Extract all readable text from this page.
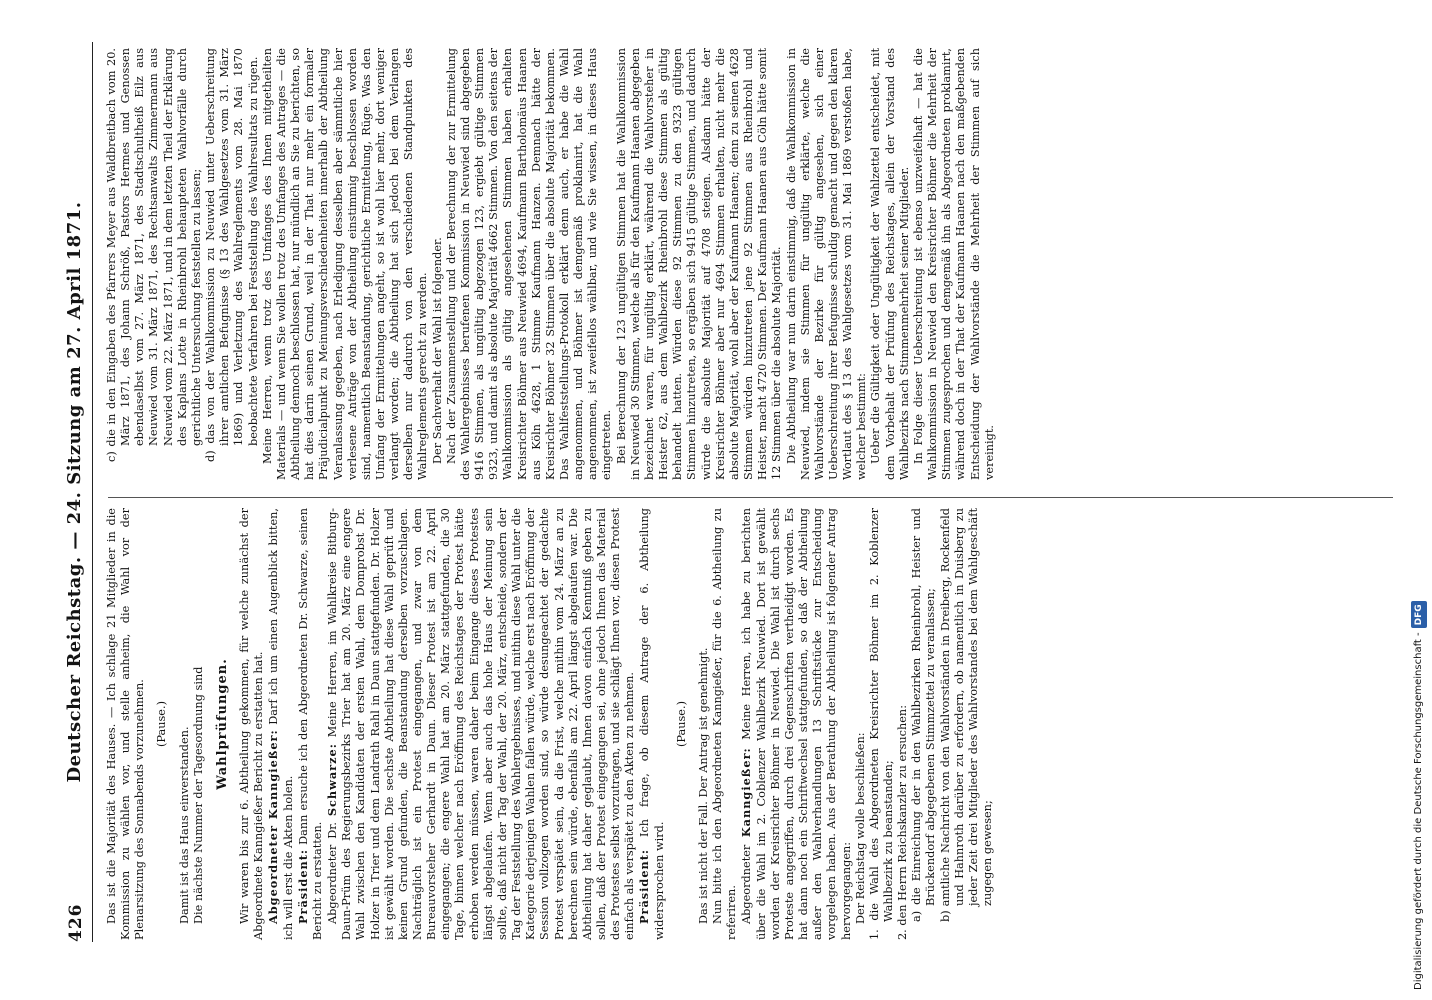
426
Deutscher Reichstag. — 24. Sitzung am 27. April 1871. Das ist die Majorität des Hauses. — Ich schlage 21 Mitglieder in die Kommission zu wählen vor, und stelle anheim, die Wahl vor der Plenarsitzung des Sonnabends vorzunehmen. (Pause.)

Damit ist das Haus einverstanden. Die nächste Nummer der Tagesordnung sind Wahlprüfungen. Wir waren bis zur 6. Abtheilung gekommen, für welche zunächst der Abgeordnete Kanngießer Bericht zu erstatten hat. Abgeordneter Kanngießer: Darf ich um einen Augenblick bitten, ich will erst die Akten holen. Präsident: Dann ersuche ich den Abgeordneten Dr. Schwarze, seinen Bericht zu erstatten. Abgeordneter Dr. Schwarze: Meine Herren, im Wahlkreise Bitburg-Daun-Prüm des Regierungsbezirks Trier hat am 20. März eine engere Wahl zwischen den Kandidaten der ersten Wahl, dem Domprobst Dr. Holzer in Trier und dem Landrath Rahl in Daun stattgefunden. Dr. Holzer ist gewählt worden. Die sechste Abtheilung hat diese Wahl geprüft und keinen Grund gefunden, die Beanstandung derselben vorzuschlagen. Nachträglich ist ein Protest eingegangen, und zwar von dem Bureauvorsteher Gerhardt in Daun. Dieser Protest ist am 22. April eingegangen; die engere Wahl hat am 20. März stattgefunden, die 30 Tage, binnen welcher nach Eröffnung des Reichstages der Protest hätte erhoben werden müssen, waren daher beim Eingange dieses Protestes längst abgelaufen. Wenn aber auch das hohe Haus der Meinung sein sollte, daß nicht der Tag der Wahl, der 20. März, entscheide, sondern der Tag der Feststellung des Wahlergebnisses, und mithin diese Wahl unter die Kategorie derjenigen Wahlen fallen würde, welche erst nach Eröffnung der Session vollzogen worden sind, so würde desungeachtet der gedachte Protest verspätet sein, da die Frist, welche mithin vom 24. März an zu berechnen sein würde, ebenfalls am 22. April längst abgelaufen war. Die Abtheilung hat daher geglaubt, Ihnen davon einfach Kenntniß geben zu sollen, daß der Protest eingegangen sei, ohne jedoch Ihnen das Material des Protestes selbst vorzutragen, und sie schlägt Ihnen vor, diesen Protest einfach als verspätet zu den Akten zu nehmen. Präsident: Ich frage, ob diesem Antrage der 6. Abtheilung widersprochen wird.

(Pause.) Das ist nicht der Fall. Der Antrag ist genehmigt. Nun bitte ich den Abgeordneten Kanngießer, für die 6. Abtheilung zu referiren. Abgeordneter Kanngießer: Meine Herren, ich habe zu berichten über die Wahl im 2. Coblenzer Wahlbezirk Neuwied. Dort ist gewählt worden der Kreisrichter Böhmer in Neuwied. Die Wahl ist durch sechs Proteste angegriffen, durch drei Gegenschriften vertheidigt worden. Es hat dann noch ein Schriftwechsel stattgefunden, so daß der Abtheilung außer den Wahlverhandlungen 13 Schriftstücke zur Entscheidung vorgelegen haben. Aus der Berathung der Abtheilung ist folgender Antrag hervorgegangen: Der Reichstag wolle beschließen: 1. die Wahl des Abgeordneten Kreisrichter Böhmer im 2. Koblenzer Wahlbezirk zu beanstanden; 2. den Herrn Reichskanzler zu ersuchen: a) die Einreichung der in den Wahlbezirken Rheinbrohl, Heister und Brückendorf abgegebenen Stimmzettel zu veranlassen; b) amtliche Nachricht von den Wahlvorständen in Dreiberg, Rockenfeld und Hahnroth darüber zu erfordern, ob namentlich in Duisberg zu jeder Zeit drei Mitglieder des Wahlvorstandes bei dem Wahlgeschäft zugegen gewesen;

c) die in den Eingaben des Pfarrers Meyer aus Waldbreitbach vom 20. März 1871, des Johann Schröß, Pastors Hermes und Genossen ebendaselbst vom 27. März 1871, des Stadtschultheiß Eilz aus Neuwied vom 31. März 1871, des Rechtsanwalts Zimmermann aus Neuwied vom 22. März 1871, und in dem letzten Theil der Erklärung des Kaplans Lotte in Rheinbrohl behaupteten Wahlvorfälle durch gerichtliche Untersuchung feststellen zu lassen; d) das von der Wahlkommission zu Neuwied unter Ueberschreitung ihrer amtlichen Befugnisse (§ 13 des Wahlgesetzes vom 31. März 1869) und Verletzung des Wahlreglements vom 28. Mai 1870 beobachtete Verfahren bei Feststellung des Wahlresultats zu rügen. Meine Herren, wenn trotz des Umfanges des Ihnen mitgetheilten Materials — und wenn Sie wollen trotz des Umfanges des Antrages — die Abtheilung dennoch beschlossen hat, nur mündlich an Sie zu berichten, so hat dies darin seinen Grund, weil in der That nur mehr ein formaler Präjudicialpunkt zu Meinungsverschiedenheiten innerhalb der Abtheilung Veranlassung gegeben, nach Erledigung desselben aber sämmtliche hier verlesene Anträge von der Abtheilung einstimmig beschlossen worden sind, namentlich Beanstandung, gerichtliche Ermittelung, Rüge. Was den Umfang der Ermittelungen angeht, so ist wohl hier mehr, dort weniger verlangt worden; die Abtheilung hat sich jedoch bei dem Verlangen derselben nur dadurch von den verschiedenen Standpunkten des Wahlreglements gerecht zu werden. Der Sachverhalt der Wahl ist folgender. Nach der Zusammenstellung und der Berechnung der zur Ermittelung des Wahlergebnisses berufenen Kommission in Neuwied sind abgegeben 9416 Stimmen, als ungültig abgezogen 123, ergiebt gültige Stimmen 9323, und damit als absolute Majorität 4662 Stimmen. Von den seitens der Wahlkommission als gültig angesehenen Stimmen haben erhalten Kreisrichter Böhmer aus Neuwied 4694, Kaufmann Bartholomäus Haanen aus Köln 4628, 1 Stimme Kaufmann Hanzen. Demnach hätte der Kreisrichter Böhmer 32 Stimmen über die absolute Majorität bekommen. Das Wahlfeststellungs-Protokoll erklärt denn auch, er habe die Wahl angenommen, und Böhmer ist demgemäß proklamirt, hat die Wahl angenommen, ist zweifellos wählbar, und wie Sie wissen, in dieses Haus eingetreten. Bei Berechnung der 123 ungültigen Stimmen hat die Wahlkommission in Neuwied 30 Stimmen, welche als für den Kaufmann Haanen abgegeben bezeichnet waren, für ungültig erklärt, während die Wahlvorsteher in Heister 62, aus dem Wahlbezirk Rheinbrohl diese Stimmen als gültig behandelt hatten. Würden diese 92 Stimmen zu den 9323 gültigen Stimmen hinzutreten, so ergäben sich 9415 gültige Stimmen, und dadurch würde die absolute Majorität auf 4708 steigen. Alsdann hätte der Kreisrichter Böhmer aber nur 4694 Stimmen erhalten, nicht mehr die absolute Majorität, wohl aber der Kaufmann Haanen; denn zu seinen 4628 Stimmen würden hinzutreten jene 92 Stimmen aus Rheinbrohl und Heister, macht 4720 Stimmen. Der Kaufmann Haanen aus Cöln hätte somit 12 Stimmen über die absolute Majorität. Die Abtheilung war nun darin einstimmig, daß die Wahlkommission in Neuwied, indem sie Stimmen für ungültig erklärte, welche die Wahlvorstände der Bezirke für gültig angesehen, sich einer Ueberschreitung ihrer Befugnisse schuldig gemacht und gegen den klaren Wortlaut des § 13 des Wahlgesetzes vom 31. Mai 1869 verstoßen habe, welcher bestimmt: Ueber die Gültigkeit oder Ungültigkeit der Wahlzettel entscheidet, mit dem Vorbehalt der Prüfung des Reichstages, allein der Vorstand des Wahlbezirks nach Stimmenmehrheit seiner Mitglieder. In Folge dieser Ueberschreitung ist ebenso unzweifelhaft — hat die Wahlkommission in Neuwied den Kreisrichter Böhmer die Mehrheit der Stimmen zugesprochen und demgemäß ihn als Abgeordneten proklamirt, während doch in der That der Kaufmann Haanen nach den maßgebenden Entscheidung der Wahlvorstände die Mehrheit der Stimmen auf sich vereinigt.

Digitalisierung gefördert durch die Deutsche Forschungsgemeinschaft -DFG
